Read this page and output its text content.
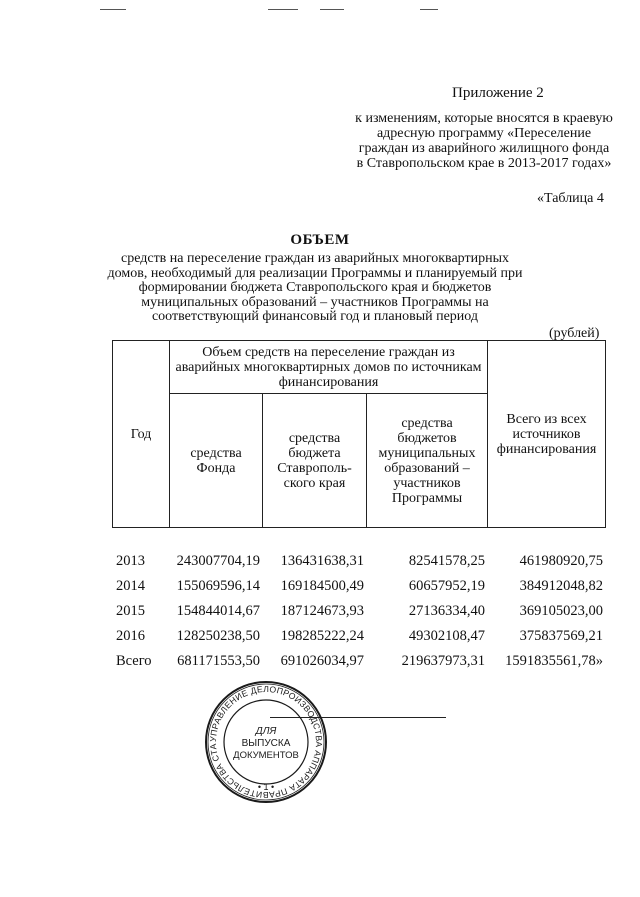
Приложение 2
к изменениям, которые вносятся в краевую адресную программу «Переселение граждан из аварийного жилищного фонда в Ставропольском крае в 2013-2017 годах»
«Таблица 4
ОБЪЕМ
средств на переселение граждан из аварийных многоквартирных домов, необходимый для реализации Программы и планируемый при формировании бюджета Ставропольского края и бюджетов муниципальных образований – участников Программы на соответствующий финансовый год и плановый период
(рублей)
Год	Объем средств на переселение граждан из аварийных многоквартирных домов по источникам финансирования			Всего из всех источников финансирования
	средства Фонда	средства бюджета Ставрополь-ского края	средства бюджетов муниципальных образований – участников Программы	
2013	243007704,19	136431638,31	82541578,25	461980920,75
2014	155069596,14	169184500,49	60657952,19	384912048,82
2015	154844014,67	187124673,93	27136334,40	369105023,00
2016	128250238,50	198285222,24	49302108,47	375837569,21
Всего	681171553,50	691026034,97	219637973,31	1591835561,78»
УПРАВЛЕНИЕ ДЕЛОПРОИЗВОДСТВА АППАРАТА ПРАВИТЕЛЬСТВА СТА
ДЛЯ
ВЫПУСКА
ДОКУМЕНТОВ
• 1 •
